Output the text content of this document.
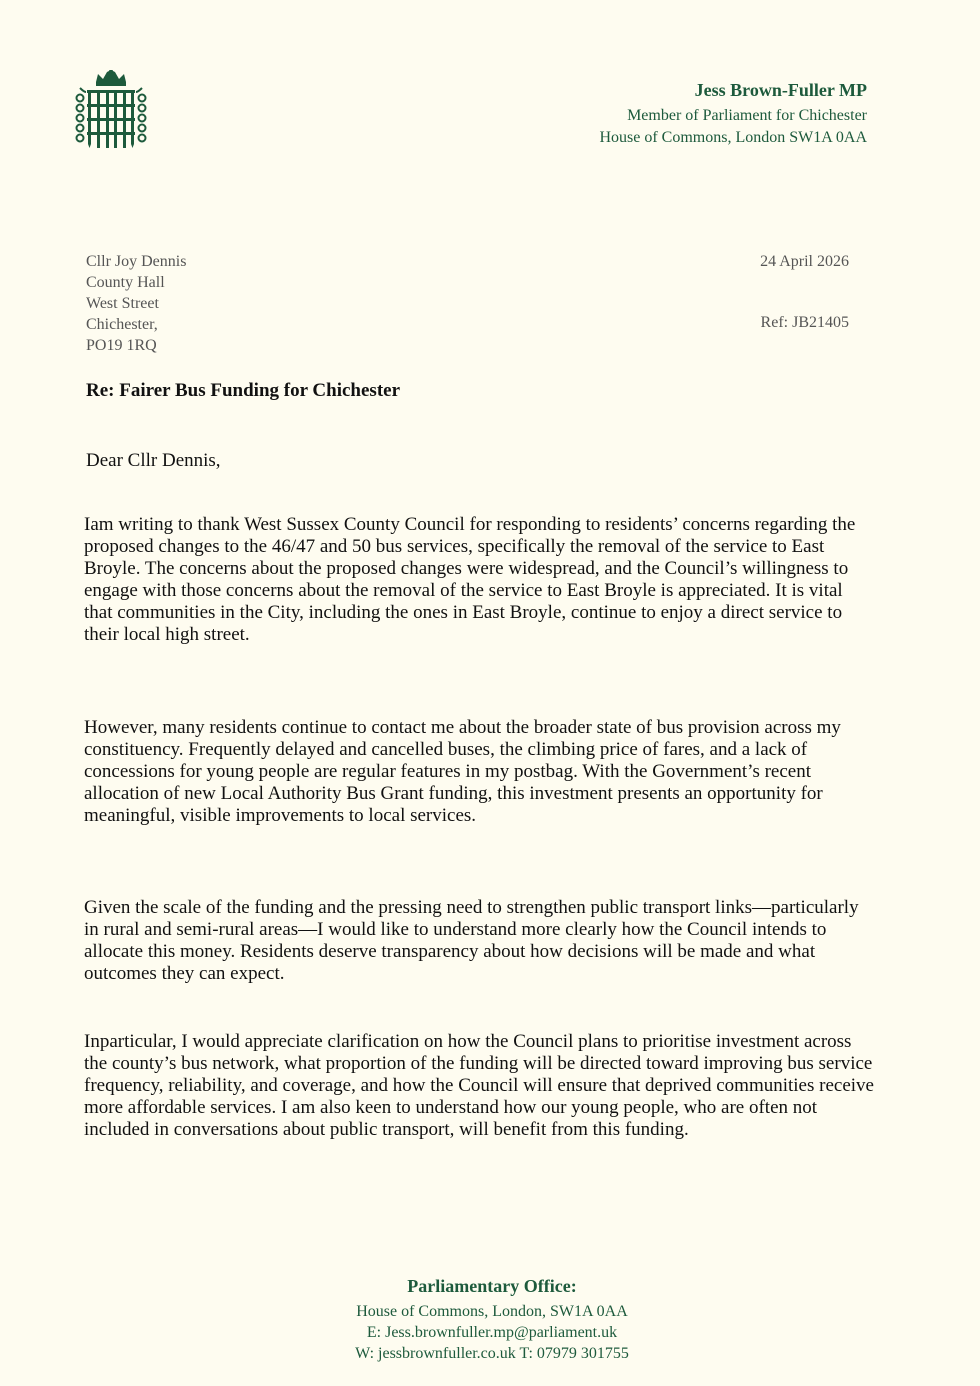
Jess Brown-Fuller MP
Member of Parliament for Chichester
House of Commons, London SW1A 0AA
Cllr Joy Dennis
County Hall
West Street
Chichester,
PO19 1RQ
24 April 2026
Ref: JB21405
Re: Fairer Bus Funding for Chichester
Dear Cllr Dennis,

Iam writing to thank West Sussex County Council for responding to residents’ concerns regarding the proposed changes to the 46/47 and 50 bus services, specifically the removal of the service to East Broyle. The concerns about the proposed changes were widespread, and the Council’s willingness to engage with those concerns about the removal of the service to East Broyle is appreciated. It is vital that communities in the City, including the ones in East Broyle, continue to enjoy a direct service to their local high street.

However, many residents continue to contact me about the broader state of bus provision across my constituency. Frequently delayed and cancelled buses, the climbing price of fares, and a lack of concessions for young people are regular features in my postbag. With the Government’s recent allocation of new Local Authority Bus Grant funding, this investment presents an opportunity for meaningful, visible improvements to local services.

Given the scale of the funding and the pressing need to strengthen public transport links—particularly in rural and semi-rural areas—I would like to understand more clearly how the Council intends to allocate this money. Residents deserve transparency about how decisions will be made and what outcomes they can expect.

Inparticular, I would appreciate clarification on how the Council plans to prioritise investment across the county’s bus network, what proportion of the funding will be directed toward improving bus service frequency, reliability, and coverage, and how the Council will ensure that deprived communities receive more affordable services. I am also keen to understand how our young people, who are often not included in conversations about public transport, will benefit from this funding.

Parliamentary Office:
House of Commons, London, SW1A 0AA
E: Jess.brownfuller.mp@parliament.uk
W: jessbrownfuller.co.uk T: 07979 301755
